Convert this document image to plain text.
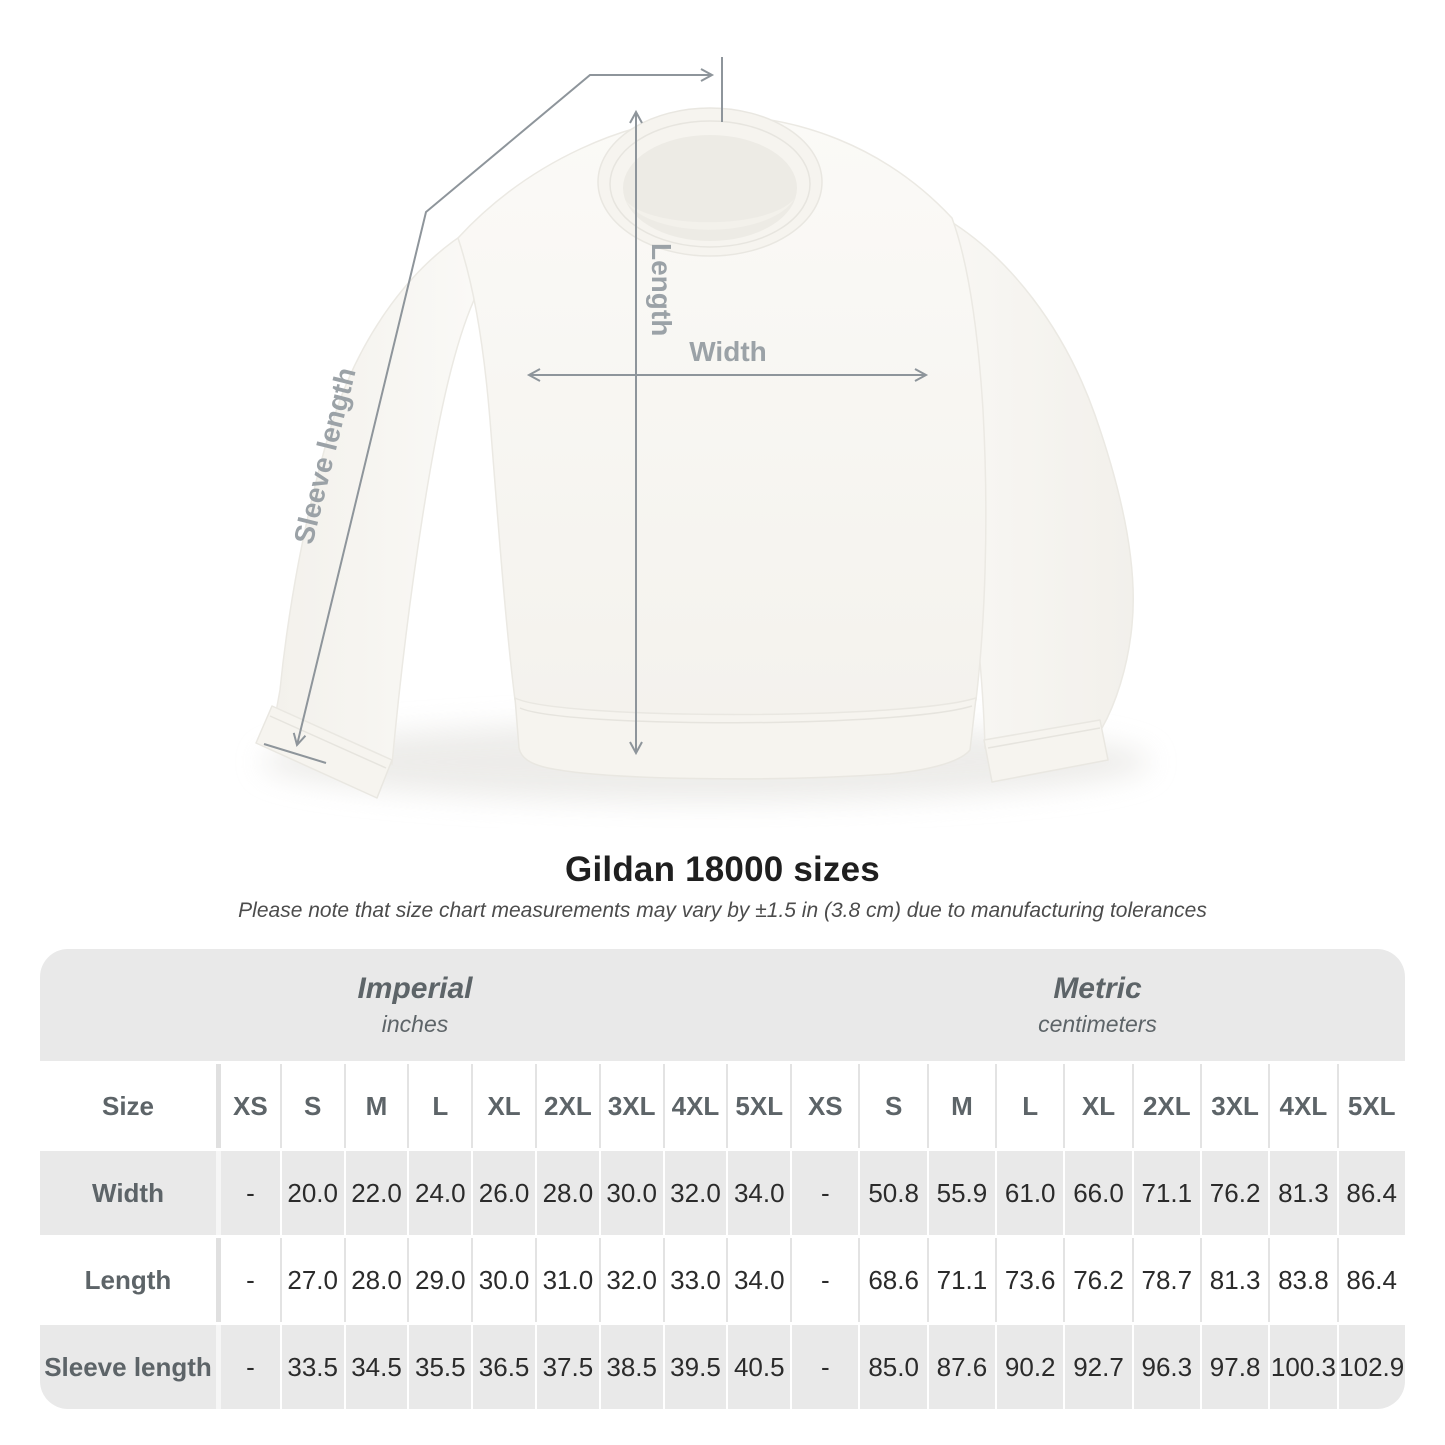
Width
Length
Sleeve length
Gildan 18000 sizes
Please note that size chart measurements may vary by ±1.5 in (3.8 cm) due to manufacturing tolerances
Imperial
inches
Metric
centimeters
Size	XS	S	M	L	XL 2XL 3XL 4XL 5XL XS	S	M	L	XL	2XL 3XL 4XL 5XL
Width	-	20.0 22.0 24.0 26.0 28.0 30.0 32.0 34.0	-	50.8 55.9 61.0 66.0 71.1 76.2 81.3 86.4
Length	-	27.0 28.0 29.0 30.0 31.0 32.0 33.0 34.0	-	68.6 71.1 73.6 76.2 78.7 81.3 83.8 86.4
Sleeve length	-	33.5 34.5 35.5 36.5 37.5 38.5 39.5 40.5	-	85.0 87.6 90.2 92.7 96.3 97.8 100.3 102.9
